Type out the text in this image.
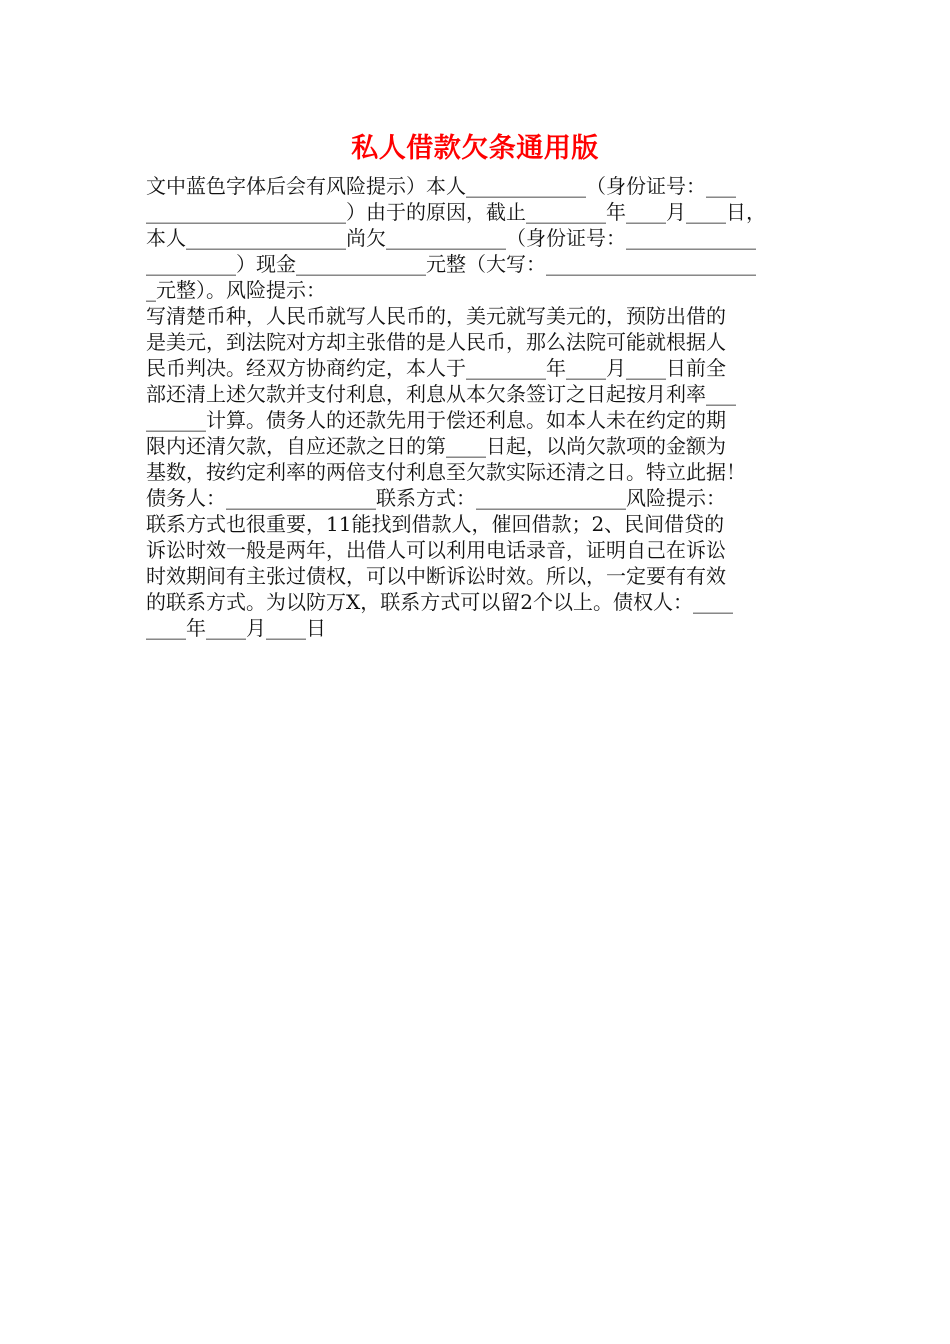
私人借款欠条通用版
文中蓝色字体后会有风险提示）本人____________（身份证号：___
____________________）由于的原因，截止________年____月____日，
本人________________尚欠____________（身份证号：_____________
_________）现金_____________元整（大写：_____________________
_元整）。风险提示：
写清楚币种，人民币就写人民币的，美元就写美元的，预防出借的
是美元，到法院对方却主张借的是人民币，那么法院可能就根据人
民币判决。经双方协商约定，本人于________年____月____日前全
部还清上述欠款并支付利息，利息从本欠条签订之日起按月利率___
______计算。债务人的还款先用于偿还利息。如本人未在约定的期
限内还清欠款，自应还款之日的第____日起，以尚欠款项的金额为
基数，按约定利率的两倍支付利息至欠款实际还清之日。特立此据！
债务人：_______________联系方式：_______________风险提示：
联系方式也很重要，11能找到借款人，催回借款；2、民间借贷的
诉讼时效一般是两年，出借人可以利用电话录音，证明自己在诉讼
时效期间有主张过债权，可以中断诉讼时效。所以，一定要有有效
的联系方式。为以防万X，联系方式可以留2个以上。债权人：____
____年____月____日
